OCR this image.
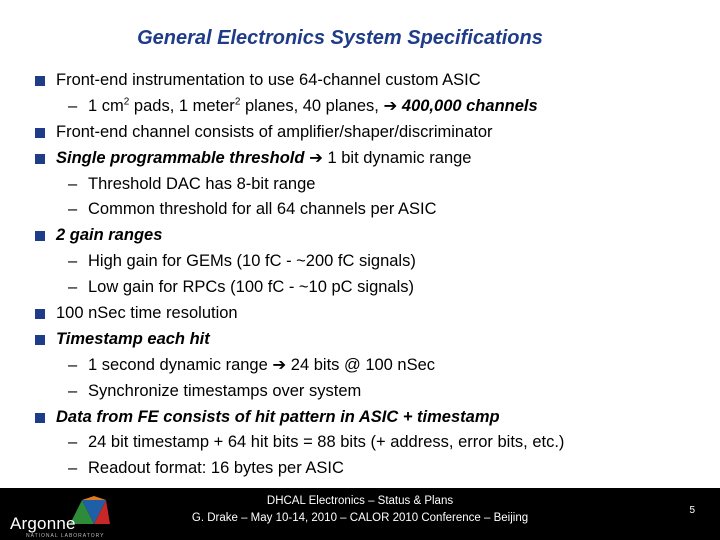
General Electronics System Specifications
Front-end instrumentation to use 64-channel custom ASIC
– 1 $cm^2$ pads, 1 meter$^2$ planes, 40 planes, ➔ 400,000 channels
Front-end channel consists of amplifier/shaper/discriminator
Single programmable threshold ➔ 1 bit dynamic range
– Threshold DAC has 8-bit range
– Common threshold for all 64 channels per ASIC
2 gain ranges
– High gain for GEMs (10 fC - ~200 fC signals)
– Low gain for RPCs (100 fC - ~10 pC signals)
100 nSec time resolution
Timestamp each hit
– 1 second dynamic range ➔ 24 bits @ 100 nSec
– Synchronize timestamps over system
Data from FE consists of hit pattern in ASIC + timestamp
– 24 bit timestamp + 64 hit bits = 88 bits (+ address, error bits, etc.)
– Readout format: 16 bytes per ASIC
Argonne
NATIONAL LABORATORY
DHCAL Electronics – Status & Plans
G. Drake – May 10-14, 2010 – CALOR 2010 Conference – Beijing
5
